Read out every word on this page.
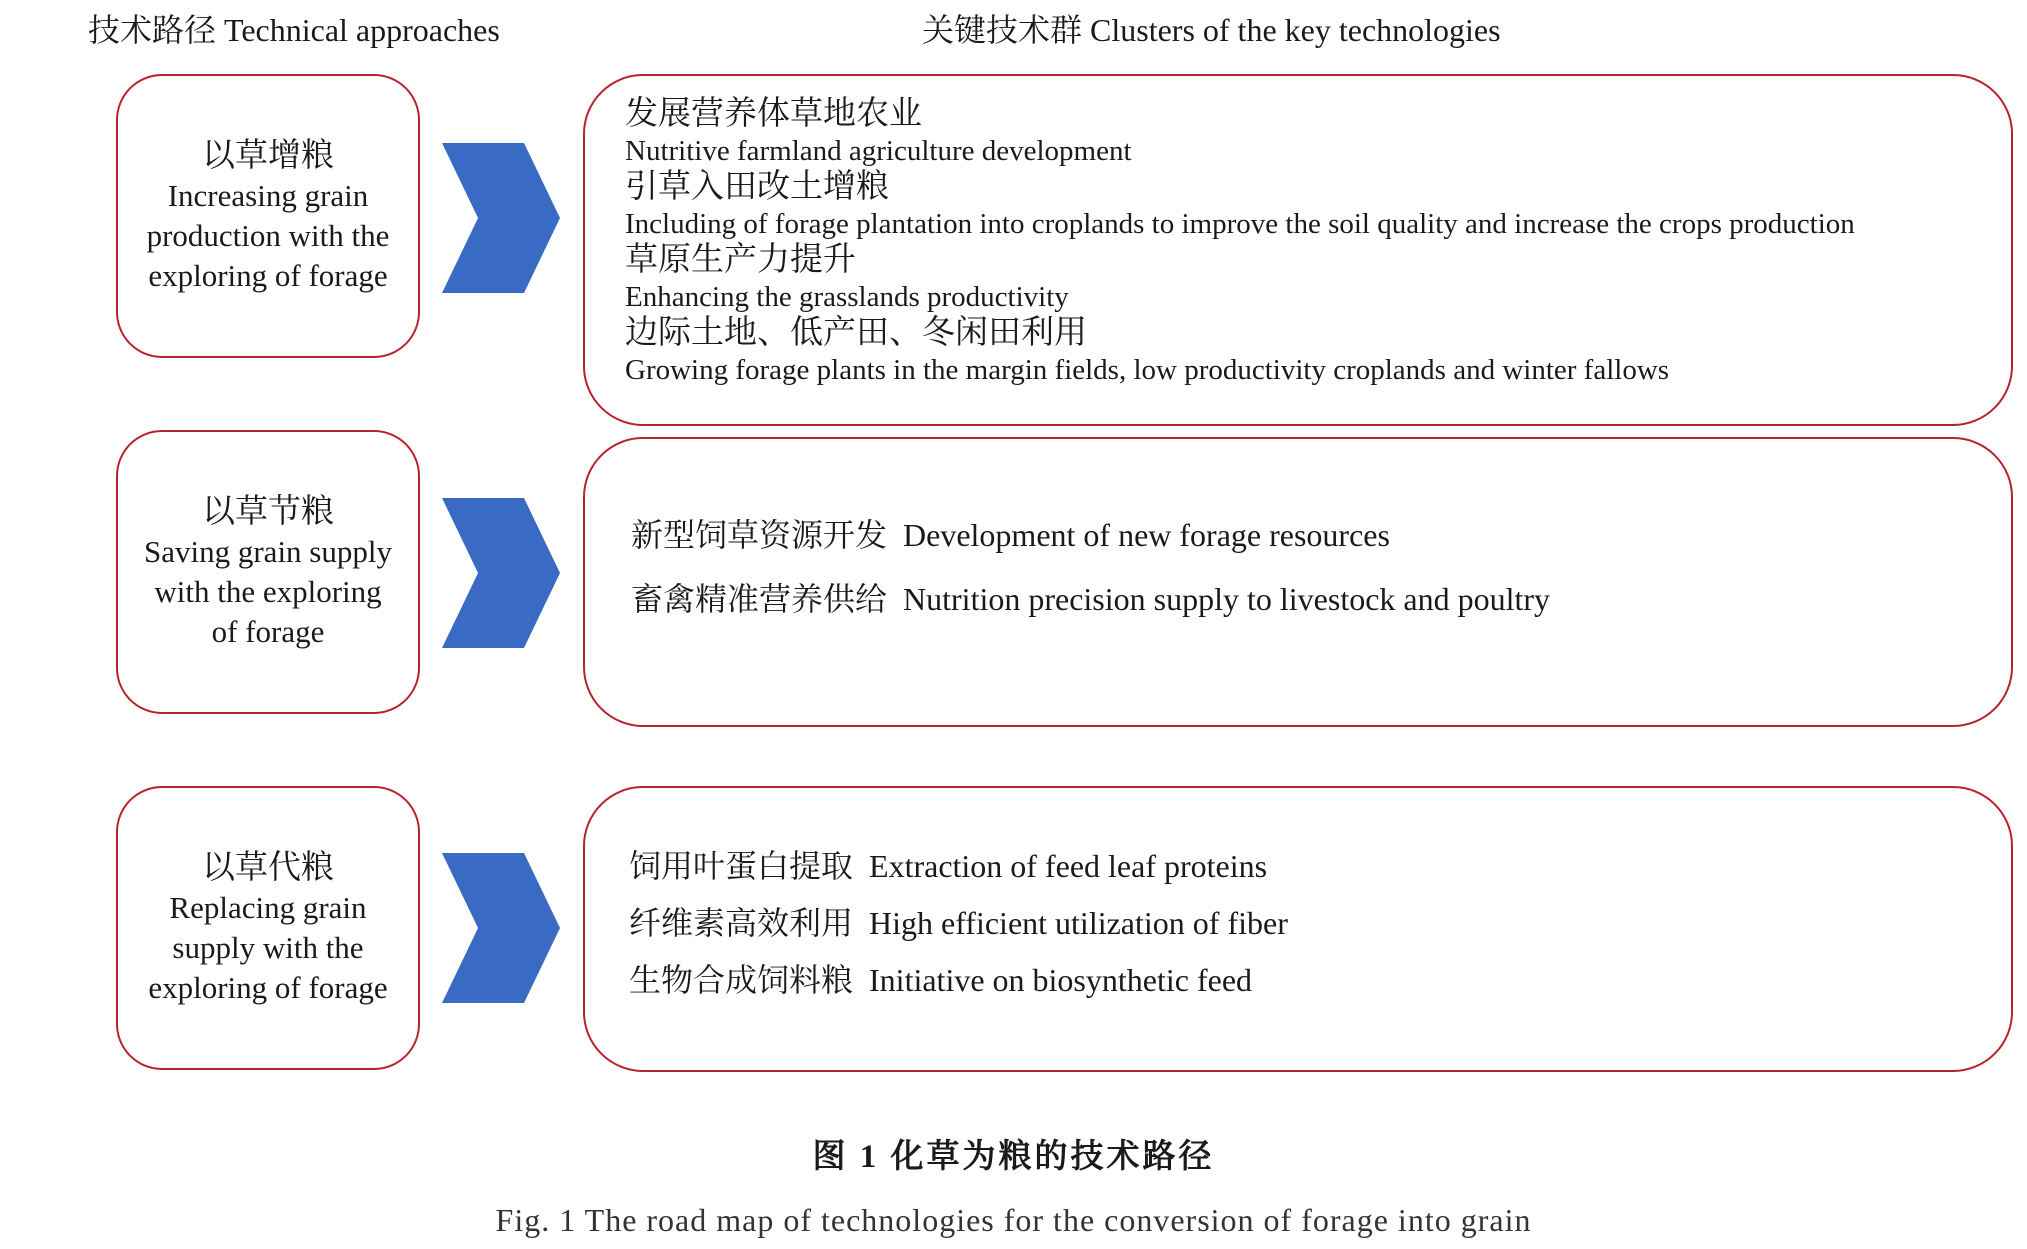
技术路径 Technical approaches	关键技术群 Clusters of the key technologies
以草增粮
Increasing grain
production with the
exploring of forage
以草节粮
Saving grain supply
with the exploring
of forage
以草代粮
Replacing grain
supply with the
exploring of forage
发展营养体草地农业
Nutritive farmland agriculture development
引草入田改土增粮
Including of forage plantation into croplands to improve the soil quality and increase the crops production
草原生产力提升
Enhancing the grasslands productivity
边际土地、低产田、冬闲田利用
Growing forage plants in the margin fields, low productivity croplands and winter fallows
新型饲草资源开发 Development of new forage resources
畜禽精准营养供给 Nutrition precision supply to livestock and poultry
饲用叶蛋白提取 Extraction of feed leaf proteins
纤维素高效利用 High efficient utilization of fiber
生物合成饲料粮 Initiative on biosynthetic feed
图 1 化草为粮的技术路径
Fig. 1 The road map of technologies for the conversion of forage into grain
